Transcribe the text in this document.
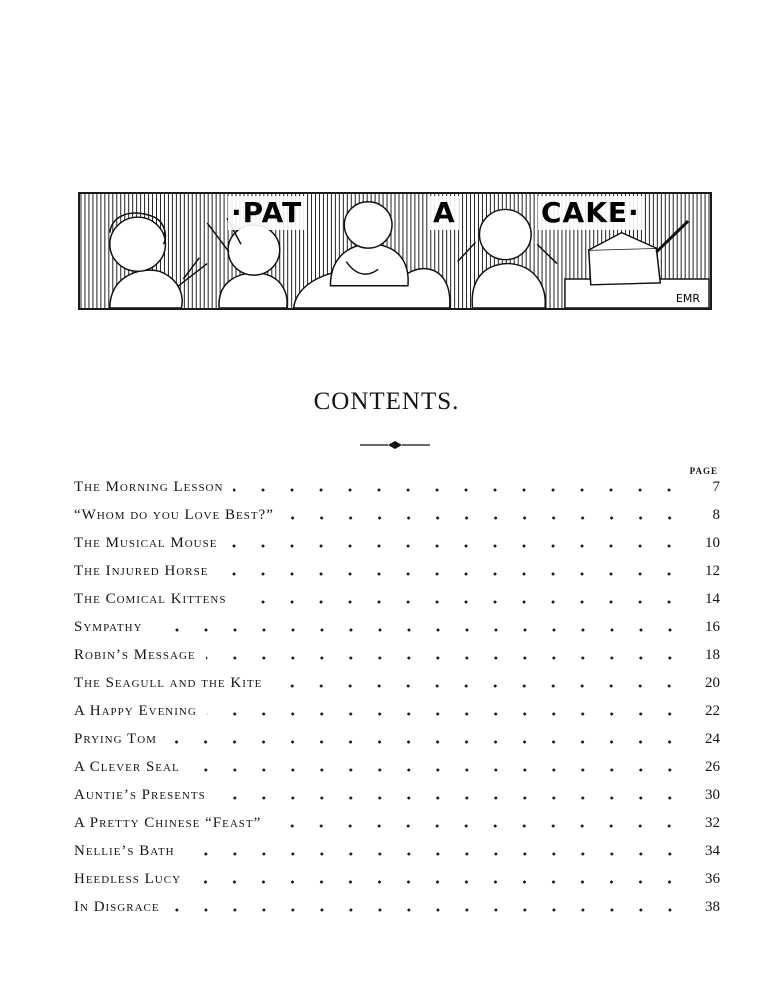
·PAT	A	CAKE·
EMR
CONTENTS.
PAGE
The Morning Lesson	7
“Whom do you Love Best?”	8
The Musical Mouse	10
The Injured Horse	12
The Comical Kittens	14
Sympathy	16
Robin’s Message	18
The Seagull and the Kite	20
A Happy Evening	22
Prying Tom	24
A Clever Seal	26
Auntie’s Presents	30
A Pretty Chinese “Feast”	32
Nellie’s Bath	34
Heedless Lucy	36
In Disgrace	38
